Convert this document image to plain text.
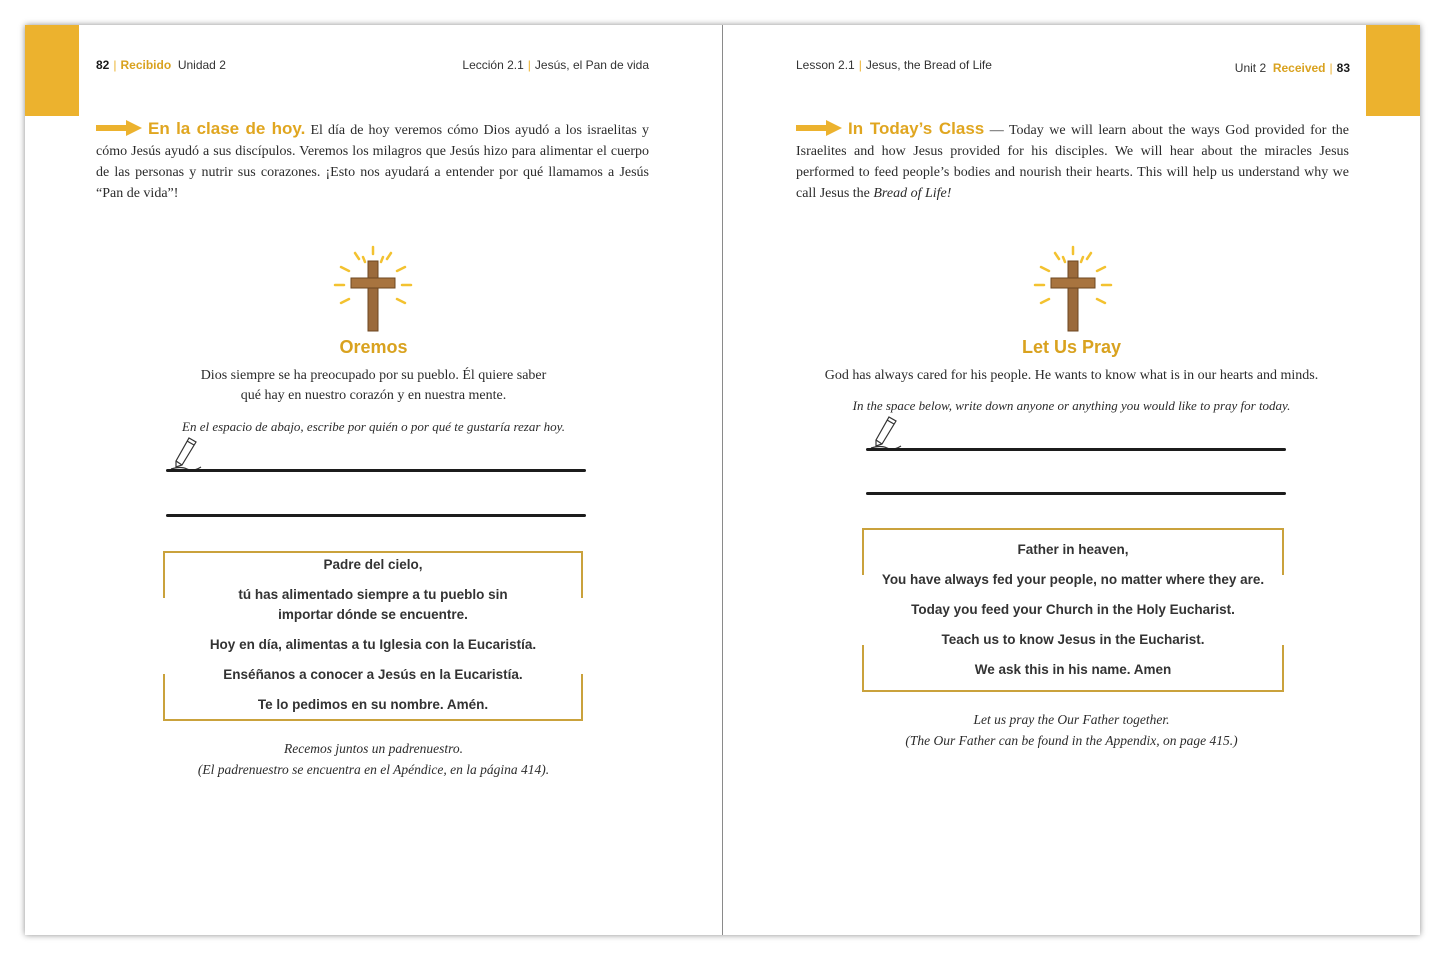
82 | Recibido Unidad 2	Lección 2.1 | Jesús, el Pan de vida
En la clase de hoy. El día de hoy veremos cómo Dios ayudó a los israelitas y cómo Jesús ayudó a sus discípulos. Veremos los milagros que Jesús hizo para alimentar el cuerpo de las personas y nutrir sus corazones. ¡Esto nos ayudará a entender por qué llamamos a Jesús “Pan de vida”!
Oremos
Dios siempre se ha preocupado por su pueblo. Él quiere saber
qué hay en nuestro corazón y en nuestra mente.
En el espacio de abajo, escribe por quién o por qué te gustaría rezar hoy.
Padre del cielo,
tú has alimentado siempre a tu pueblo sin importar dónde se encuentre.
Hoy en día, alimentas a tu Iglesia con la Eucaristía.
Enséñanos a conocer a Jesús en la Eucaristía.
Te lo pedimos en su nombre. Amén.
Recemos juntos un padrenuestro.
(El padrenuestro se encuentra en el Apéndice, en la página 414).
Lesson 2.1 | Jesus, the Bread of Life	Unit 2 Received | 83
In Today’s Class — Today we will learn about the ways God provided for the Israelites and how Jesus provided for his disciples. We will hear about the miracles Jesus performed to feed people’s bodies and nourish their hearts. This will help us understand why we call Jesus the Bread of Life!
Let Us Pray
God has always cared for his people. He wants to know what is in our hearts and minds.
In the space below, write down anyone or anything you would like to pray for today.
Father in heaven,
You have always fed your people, no matter where they are.
Today you feed your Church in the Holy Eucharist.
Teach us to know Jesus in the Eucharist.
We ask this in his name. Amen
Let us pray the Our Father together.
(The Our Father can be found in the Appendix, on page 415.)
